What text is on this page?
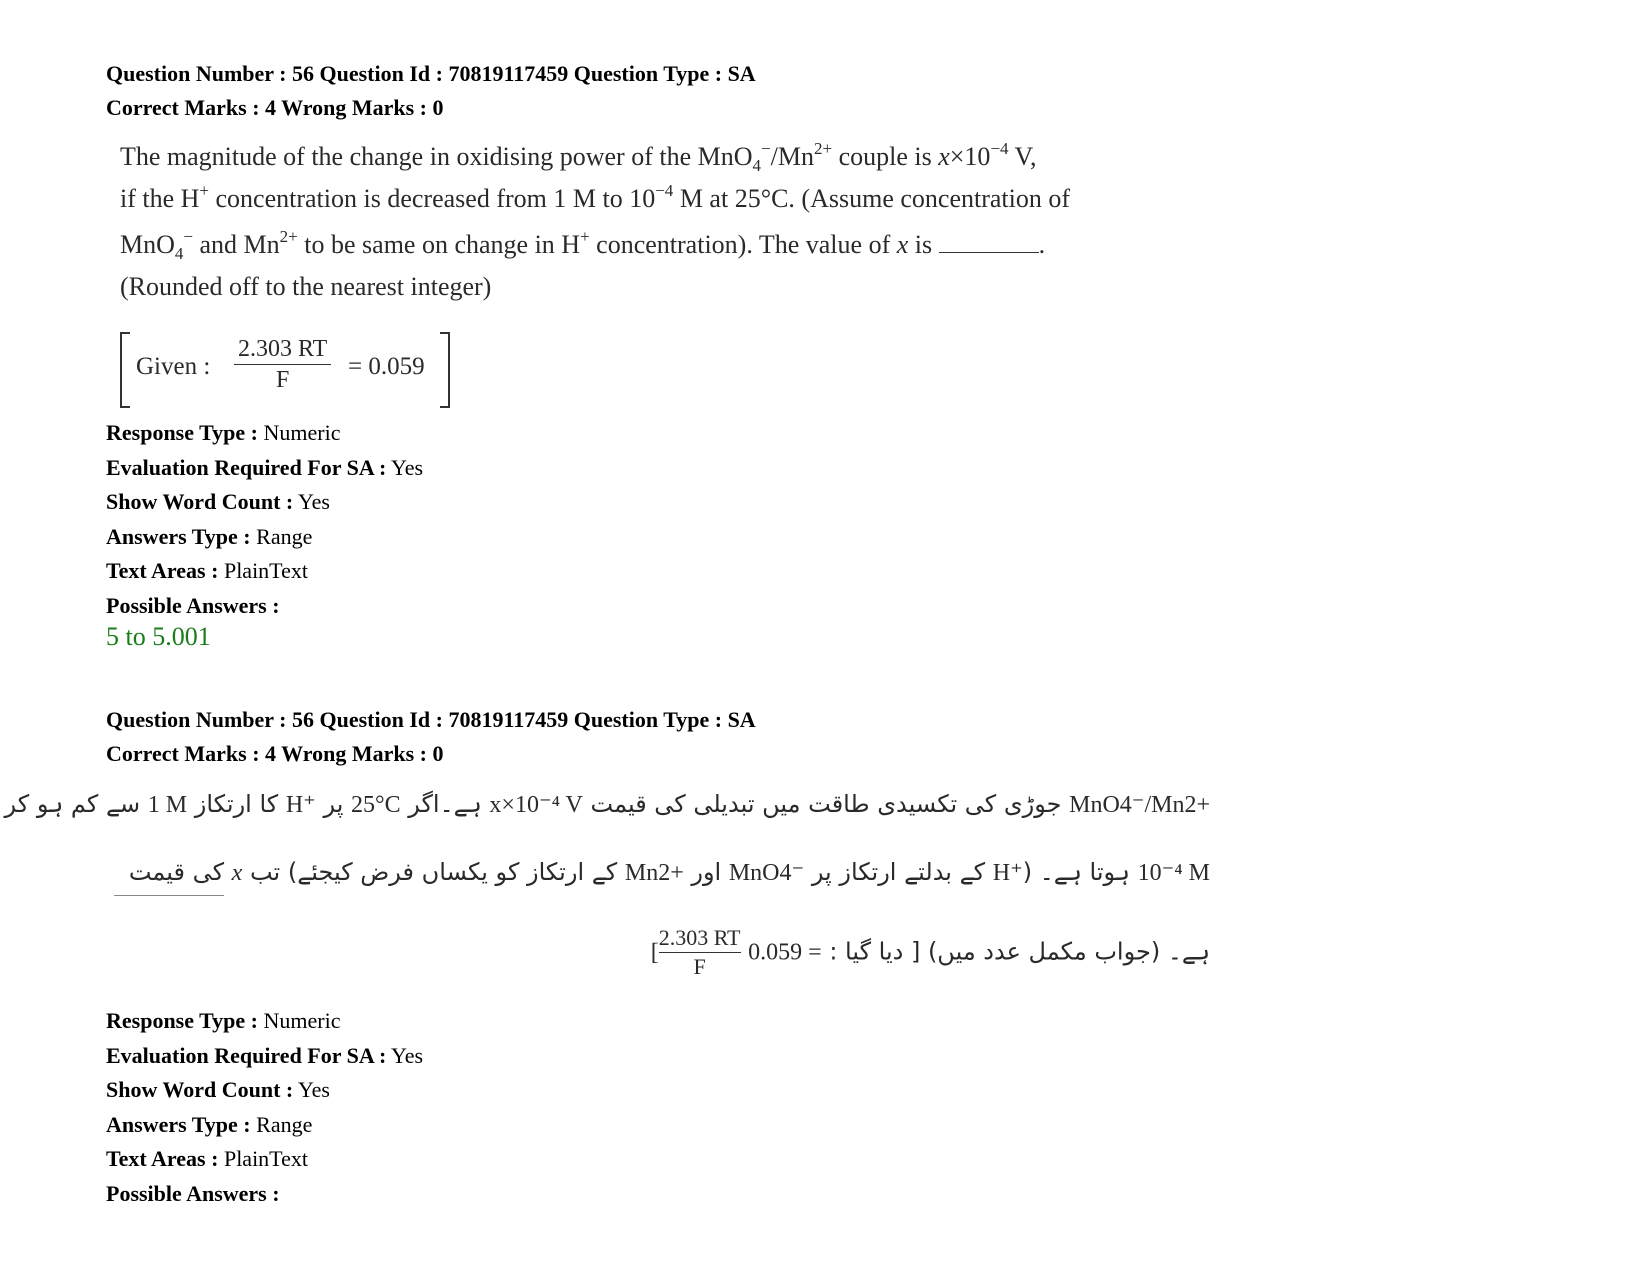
Question Number : 56 Question Id : 70819117459 Question Type : SA
Correct Marks : 4 Wrong Marks : 0
The magnitude of the change in oxidising power of the $MnO_4^-/Mn^{2+}$ couple is $x\times 10^{-4}$ V,
if the H+ concentration is decreased from 1 M to $10^{-4}$ M at 25°C. (Assume concentration of
MnO$_4$− and $Mn^{2+}$ to be same on change in H+ concentration). The value of x is	.
(Rounded off to the nearest integer)
Given : $\frac{2.303 RT}{F} = 0.059$
Response Type : Numeric
Evaluation Required For SA : Yes
Show Word Count : Yes
Answers Type : Range
Text Areas : PlainText
Possible Answers :
5 to 5.001
Question Number : 56 Question Id : 70819117459 Question Type : SA
Correct Marks : 4 Wrong Marks : 0
MnO4⁻/Mn2+ جوڑی کی تکسیدی طاقت میں تبدیلی کی قیمت x×10⁻⁴ V ہے۔اگر 25°C پر H⁺ کا ارتکاز 1 M سے کم ہو کر
10⁻⁴ M ہوتا ہے۔ (H⁺ کے بدلتے ارتکاز پر MnO4⁻ اور Mn2+ کے ارتکاز کو یکساں فرض کیجئے) تب x کی قیمت
ہے۔ (جواب مکمل عدد میں) [ دیا گیا : 0.059 =
$\frac{2.303 RT}{F}$
[
Response Type : Numeric
Evaluation Required For SA : Yes
Show Word Count : Yes
Answers Type : Range
Text Areas : PlainText
Possible Answers :
